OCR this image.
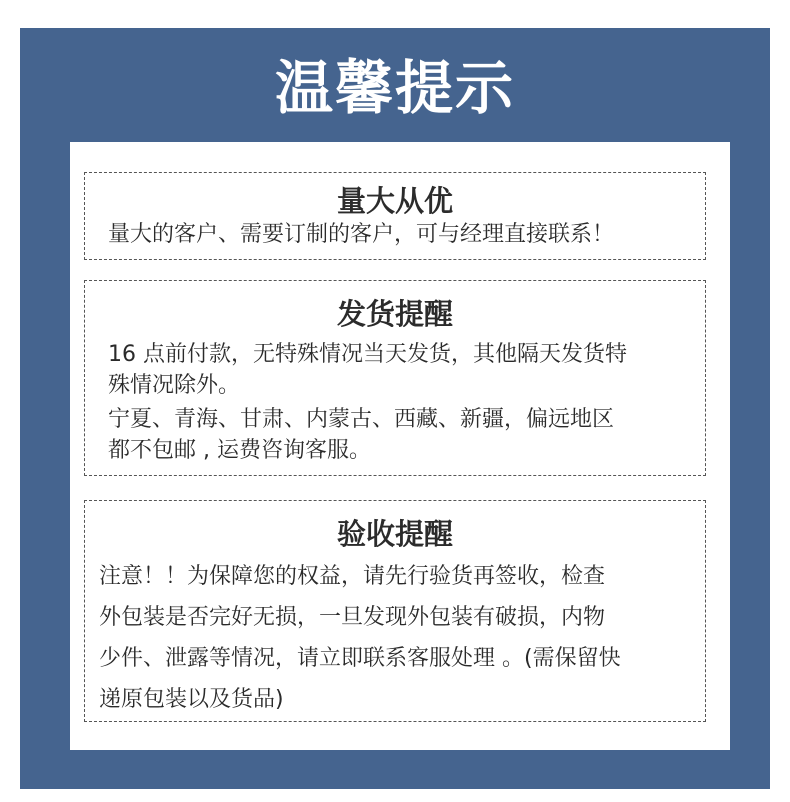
温馨提示
量大从优
量大的客户、需要订制的客户，可与经理直接联系！
发货提醒
16 点前付款，无特殊情况当天发货，其他隔天发货特
殊情况除外。
宁夏、青海、甘肃、内蒙古、西藏、新疆，偏远地区
都不包邮 , 运费咨询客服。
验收提醒
注意！！为保障您的权益，请先行验货再签收，检查
外包装是否完好无损，一旦发现外包装有破损，内物
少件、泄露等情况，请立即联系客服处理 。(需保留快
递原包装以及货品)
